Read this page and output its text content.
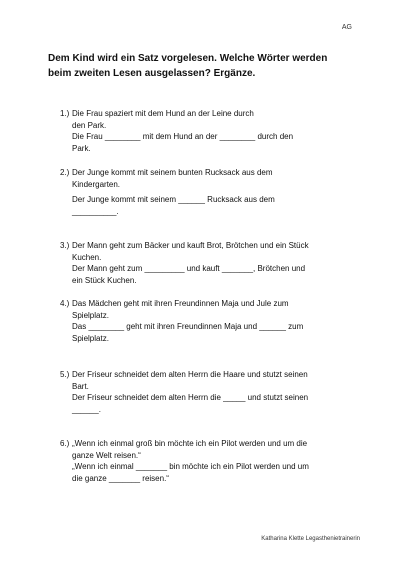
AG
Dem Kind wird ein Satz vorgelesen. Welche Wörter werden
beim zweiten Lesen ausgelassen? Ergänze.
1.) Die Frau spaziert mit dem Hund an der Leine durch
den Park.
Die Frau ________ mit dem Hund an der ________ durch den
Park.
2.) Der Junge kommt mit seinem bunten Rucksack aus dem
Kindergarten.
Der Junge kommt mit seinem ______ Rucksack aus dem
__________.
3.) Der Mann geht zum Bäcker und kauft Brot, Brötchen und ein Stück
Kuchen.
Der Mann geht zum _________ und kauft _______, Brötchen und
ein Stück Kuchen.
4.) Das Mädchen geht mit ihren Freundinnen Maja und Jule zum
Spielplatz.
Das ________ geht mit ihren Freundinnen Maja und ______ zum
Spielplatz.
5.) Der Friseur schneidet dem alten Herrn die Haare und stutzt seinen
Bart.
Der Friseur schneidet dem alten Herrn die _____ und stutzt seinen
______.
6.) „Wenn ich einmal groß bin möchte ich ein Pilot werden und um die
ganze Welt reisen.“
„Wenn ich einmal _______ bin möchte ich ein Pilot werden und um
die ganze _______ reisen.“
Katharina Klette Legasthenietrainerin
